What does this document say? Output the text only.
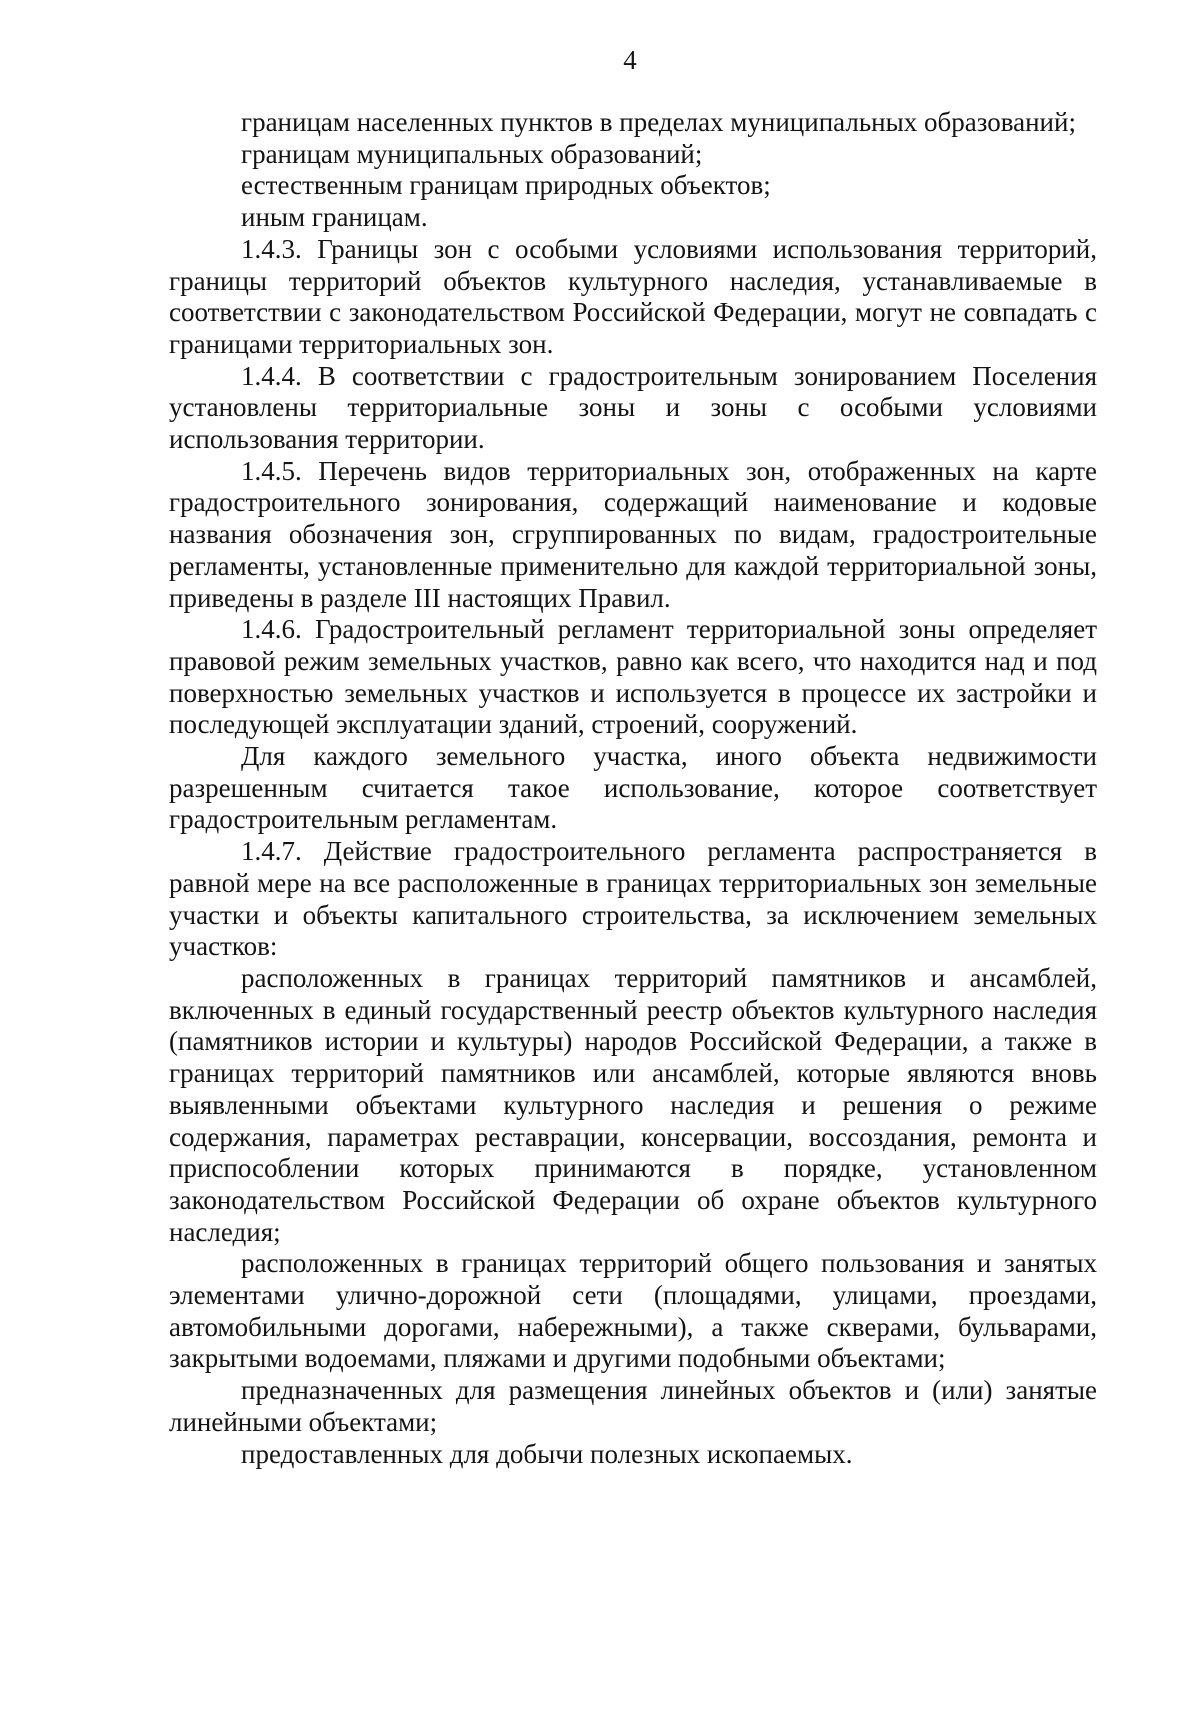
4

границам населенных пунктов в пределах муниципальных образований;

границам муниципальных образований;

естественным границам природных объектов;

иным границам.

1.4.3. Границы зон с особыми условиями использования территорий, границы территорий объектов культурного наследия, устанавливаемые в соответствии с законодательством Российской Федерации, могут не совпадать с границами территориальных зон.

1.4.4. В соответствии с градостроительным зонированием Поселения установлены территориальные зоны и зоны с особыми условиями использования территории.

1.4.5. Перечень видов территориальных зон, отображенных на карте градостроительного зонирования, содержащий наименование и кодовые названия обозначения зон, сгруппированных по видам, градостроительные регламенты, установленные применительно для каждой территориальной зоны, приведены в разделе III настоящих Правил.

1.4.6. Градостроительный регламент территориальной зоны определяет правовой режим земельных участков, равно как всего, что находится над и под поверхностью земельных участков и используется в процессе их застройки и последующей эксплуатации зданий, строений, сооружений.

Для каждого земельного участка, иного объекта недвижимости разрешенным считается такое использование, которое соответствует градостроительным регламентам.

1.4.7. Действие градостроительного регламента распространяется в равной мере на все расположенные в границах территориальных зон земельные участки и объекты капитального строительства, за исключением земельных участков:

расположенных в границах территорий памятников и ансамблей, включенных в единый государственный реестр объектов культурного наследия (памятников истории и культуры) народов Российской Федерации, а также в границах территорий памятников или ансамблей, которые являются вновь выявленными объектами культурного наследия и решения о режиме содержания, параметрах реставрации, консервации, воссоздания, ремонта и приспособлении которых принимаются в порядке, установленном законодательством Российской Федерации об охране объектов культурного наследия;

расположенных в границах территорий общего пользования и занятых элементами улично-дорожной сети (площадями, улицами, проездами, автомобильными дорогами, набережными), а также скверами, бульварами, закрытыми водоемами, пляжами и другими подобными объектами;

предназначенных для размещения линейных объектов и (или) занятые линейными объектами;

предоставленных для добычи полезных ископаемых.
